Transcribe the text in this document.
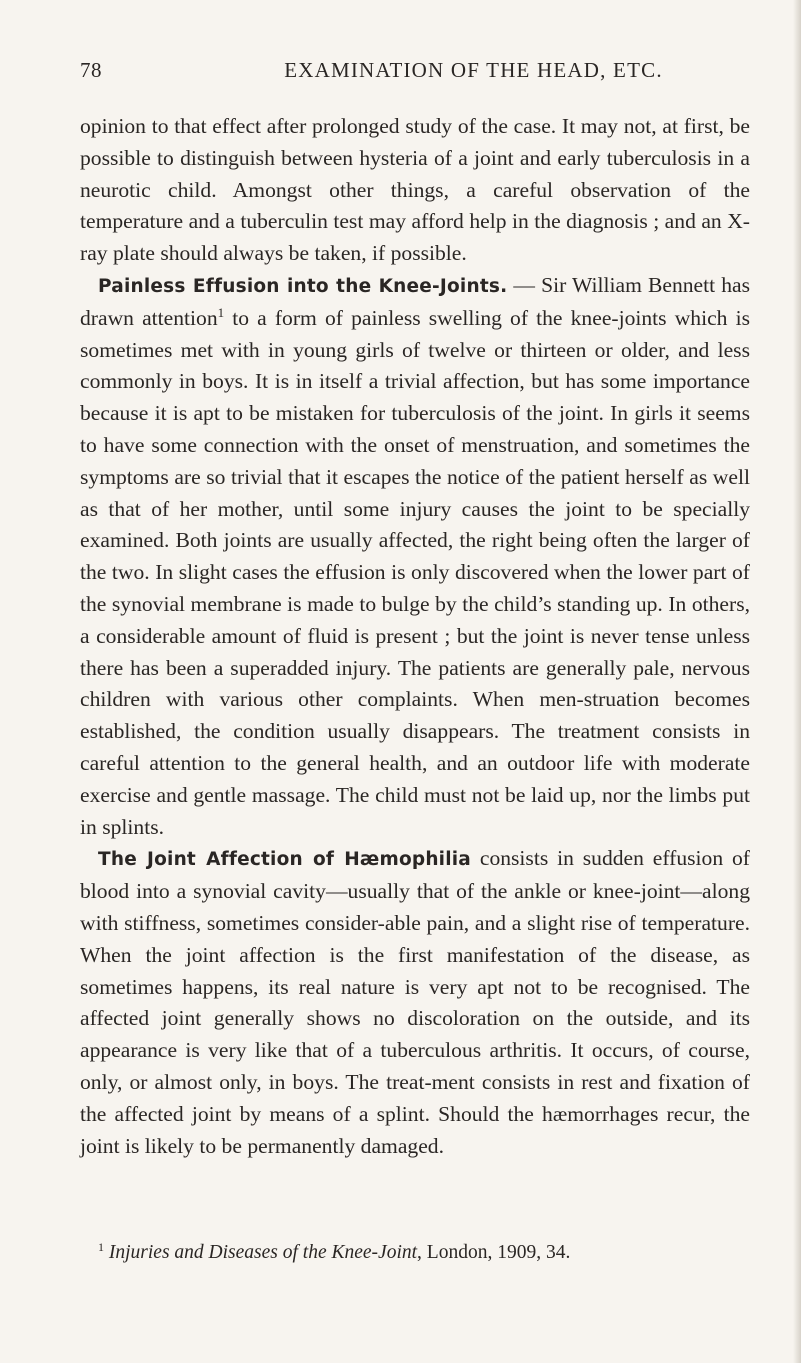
78	EXAMINATION OF THE HEAD, ETC.

opinion to that effect after prolonged study of the case. It may not, at first, be possible to distinguish between hysteria of a joint and early tuberculosis in a neurotic child. Amongst other things, a careful observation of the temperature and a tuberculin test may afford help in the diagnosis ; and an X-ray plate should always be taken, if possible.

Painless Effusion into the Knee-Joints. — Sir William Bennett has drawn attention$^1$ to a form of painless swelling of the knee-joints which is sometimes met with in young girls of twelve or thirteen or older, and less commonly in boys. It is in itself a trivial affection, but has some importance because it is apt to be mistaken for tuberculosis of the joint. In girls it seems to have some connection with the onset of menstruation, and sometimes the symptoms are so trivial that it escapes the notice of the patient herself as well as that of her mother, until some injury causes the joint to be specially examined. Both joints are usually affected, the right being often the larger of the two. In slight cases the effusion is only discovered when the lower part of the synovial membrane is made to bulge by the child’s standing up. In others, a considerable amount of fluid is present ; but the joint is never tense unless there has been a superadded injury. The patients are generally pale, nervous children with various other complaints. When men-struation becomes established, the condition usually disappears. The treatment consists in careful attention to the general health, and an outdoor life with moderate exercise and gentle massage. The child must not be laid up, nor the limbs put in splints.

The Joint Affection of Hæmophilia consists in sudden effusion of blood into a synovial cavity—usually that of the ankle or knee-joint—along with stiffness, sometimes consider-able pain, and a slight rise of temperature. When the joint affection is the first manifestation of the disease, as sometimes happens, its real nature is very apt not to be recognised. The affected joint generally shows no discoloration on the outside, and its appearance is very like that of a tuberculous arthritis. It occurs, of course, only, or almost only, in boys. The treat-ment consists in rest and fixation of the affected joint by means of a splint. Should the hæmorrhages recur, the joint is likely to be permanently damaged.

$^1$ Injuries and Diseases of the Knee-Joint, London, 1909, 34.
